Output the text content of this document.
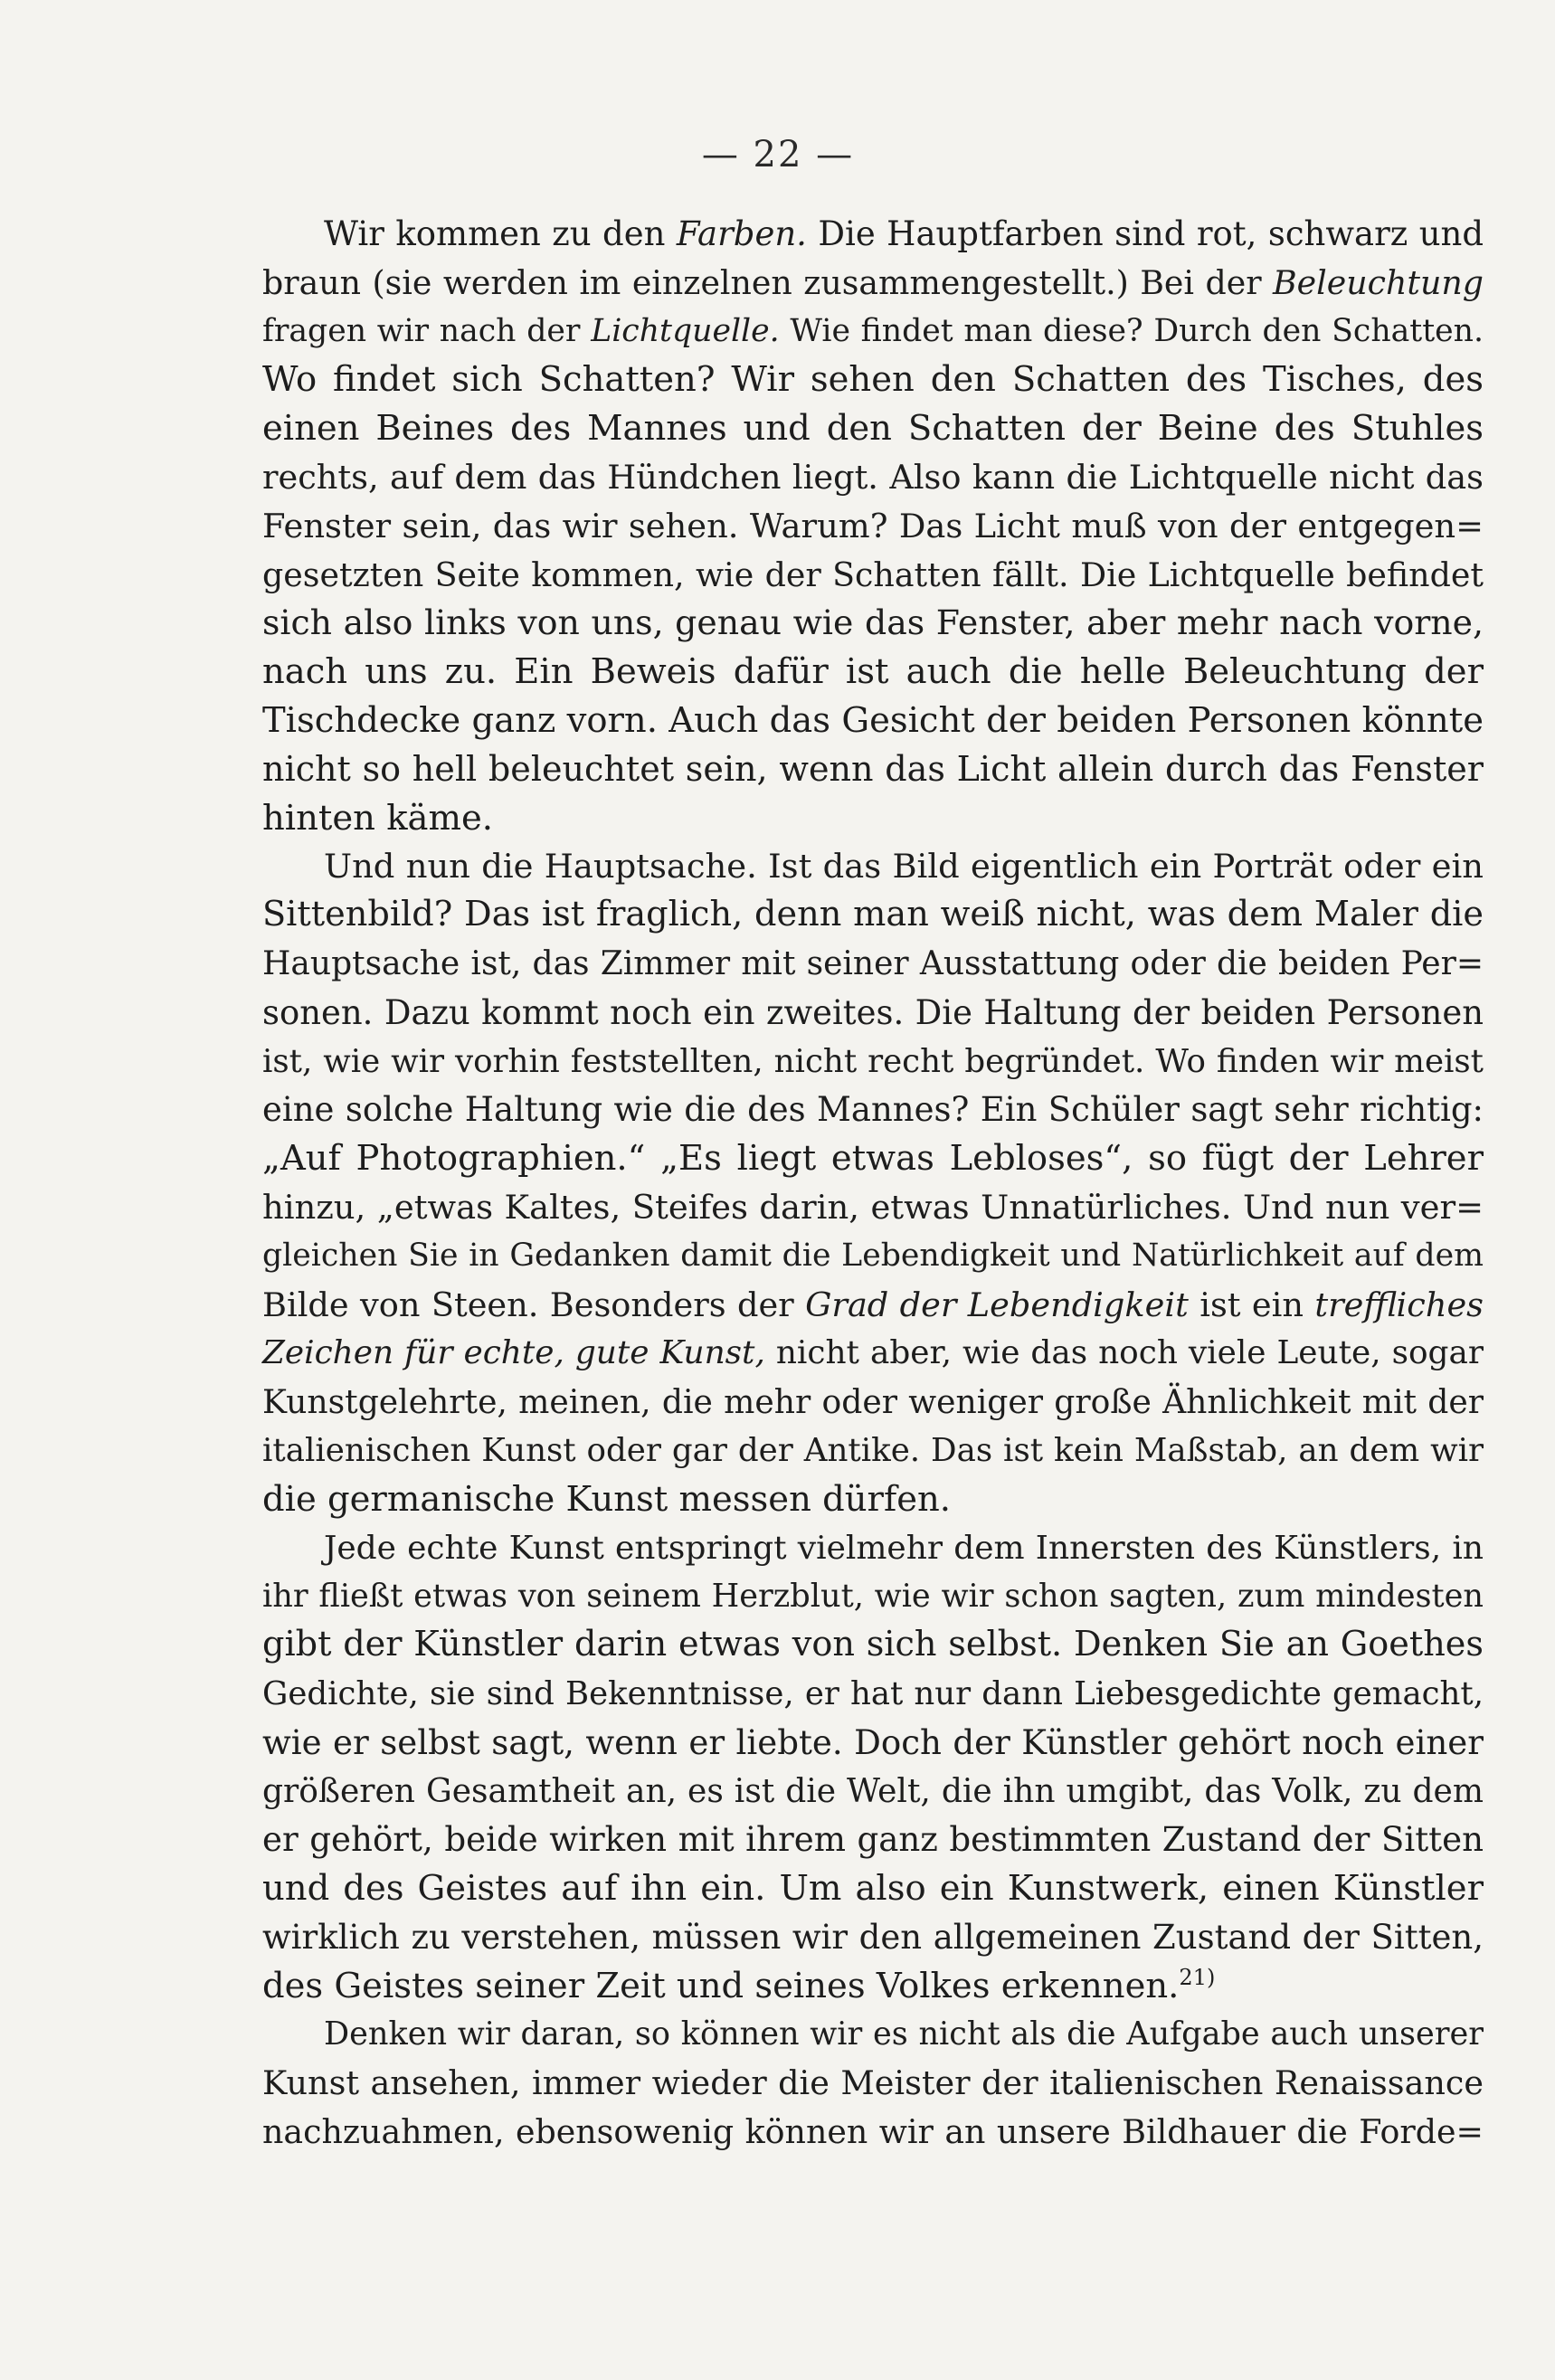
— 22 —
Wir kommen zu den Farben. Die Hauptfarben sind rot, schwarz und
braun (sie werden im einzelnen zusammengestellt.) Bei der Beleuchtung
fragen wir nach der Lichtquelle. Wie findet man diese? Durch den Schatten.
Wo findet sich Schatten? Wir sehen den Schatten des Tisches, des
einen Beines des Mannes und den Schatten der Beine des Stuhles
rechts, auf dem das Hündchen liegt. Also kann die Lichtquelle nicht das
Fenster sein, das wir sehen. Warum? Das Licht muß von der entgegen=
gesetzten Seite kommen, wie der Schatten fällt. Die Lichtquelle befindet
sich also links von uns, genau wie das Fenster, aber mehr nach vorne,
nach uns zu. Ein Beweis dafür ist auch die helle Beleuchtung der
Tischdecke ganz vorn. Auch das Gesicht der beiden Personen könnte
nicht so hell beleuchtet sein, wenn das Licht allein durch das Fenster
hinten käme.
Und nun die Hauptsache. Ist das Bild eigentlich ein Porträt oder ein
Sittenbild? Das ist fraglich, denn man weiß nicht, was dem Maler die
Hauptsache ist, das Zimmer mit seiner Ausstattung oder die beiden Per=
sonen. Dazu kommt noch ein zweites. Die Haltung der beiden Personen
ist, wie wir vorhin feststellten, nicht recht begründet. Wo finden wir meist
eine solche Haltung wie die des Mannes? Ein Schüler sagt sehr richtig:
„Auf Photographien.“ „Es liegt etwas Lebloses“, so fügt der Lehrer
hinzu, „etwas Kaltes, Steifes darin, etwas Unnatürliches. Und nun ver=
gleichen Sie in Gedanken damit die Lebendigkeit und Natürlichkeit auf dem
Bilde von Steen. Besonders der Grad der Lebendigkeit ist ein treffliches
Zeichen für echte, gute Kunst, nicht aber, wie das noch viele Leute, sogar
Kunstgelehrte, meinen, die mehr oder weniger große Ähnlichkeit mit der
italienischen Kunst oder gar der Antike. Das ist kein Maßstab, an dem wir
die germanische Kunst messen dürfen.
Jede echte Kunst entspringt vielmehr dem Innersten des Künstlers, in
ihr fließt etwas von seinem Herzblut, wie wir schon sagten, zum mindesten
gibt der Künstler darin etwas von sich selbst. Denken Sie an Goethes
Gedichte, sie sind Bekenntnisse, er hat nur dann Liebesgedichte gemacht,
wie er selbst sagt, wenn er liebte. Doch der Künstler gehört noch einer
größeren Gesamtheit an, es ist die Welt, die ihn umgibt, das Volk, zu dem
er gehört, beide wirken mit ihrem ganz bestimmten Zustand der Sitten
und des Geistes auf ihn ein. Um also ein Kunstwerk, einen Künstler
wirklich zu verstehen, müssen wir den allgemeinen Zustand der Sitten,
des Geistes seiner Zeit und seines Volkes erkennen.$^{21)}$
Denken wir daran, so können wir es nicht als die Aufgabe auch unserer
Kunst ansehen, immer wieder die Meister der italienischen Renaissance
nachzuahmen, ebensowenig können wir an unsere Bildhauer die Forde=
